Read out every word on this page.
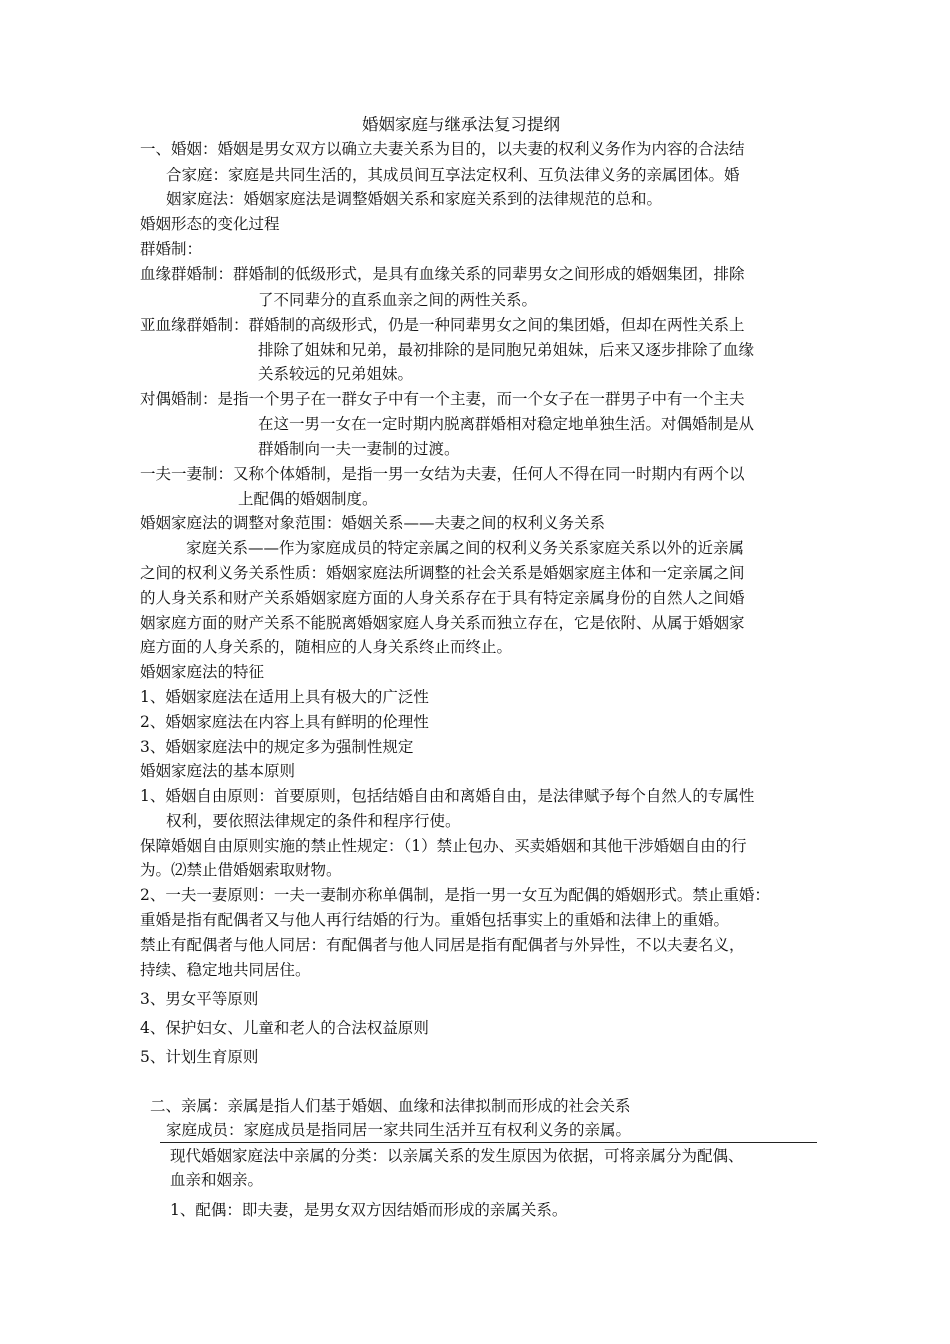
婚姻家庭与继承法复习提纲
一、婚姻：婚姻是男女双方以确立夫妻关系为目的，以夫妻的权利义务作为内容的合法结
合家庭：家庭是共同生活的，其成员间互享法定权利、互负法律义务的亲属团体。婚
姻家庭法：婚姻家庭法是调整婚姻关系和家庭关系到的法律规范的总和。
婚姻形态的变化过程
群婚制：
血缘群婚制：群婚制的低级形式，是具有血缘关系的同辈男女之间形成的婚姻集团，排除
了不同辈分的直系血亲之间的两性关系。
亚血缘群婚制：群婚制的高级形式，仍是一种同辈男女之间的集团婚，但却在两性关系上
排除了姐妹和兄弟，最初排除的是同胞兄弟姐妹，后来又逐步排除了血缘
关系较远的兄弟姐妹。
对偶婚制：是指一个男子在一群女子中有一个主妻，而一个女子在一群男子中有一个主夫
在这一男一女在一定时期内脱离群婚相对稳定地单独生活。对偶婚制是从
群婚制向一夫一妻制的过渡。
一夫一妻制：又称个体婚制，是指一男一女结为夫妻，任何人不得在同一时期内有两个以
上配偶的婚姻制度。
婚姻家庭法的调整对象范围：婚姻关系——夫妻之间的权利义务关系
家庭关系——作为家庭成员的特定亲属之间的权利义务关系家庭关系以外的近亲属
之间的权利义务关系性质：婚姻家庭法所调整的社会关系是婚姻家庭主体和一定亲属之间
的人身关系和财产关系婚姻家庭方面的人身关系存在于具有特定亲属身份的自然人之间婚
姻家庭方面的财产关系不能脱离婚姻家庭人身关系而独立存在，它是依附、从属于婚姻家
庭方面的人身关系的，随相应的人身关系终止而终止。
婚姻家庭法的特征
1、婚姻家庭法在适用上具有极大的广泛性
2、婚姻家庭法在内容上具有鲜明的伦理性
3、婚姻家庭法中的规定多为强制性规定
婚姻家庭法的基本原则
1、婚姻自由原则：首要原则，包括结婚自由和离婚自由，是法律赋予每个自然人的专属性
权利，要依照法律规定的条件和程序行使。
保障婚姻自由原则实施的禁止性规定：（1）禁止包办、买卖婚姻和其他干涉婚姻自由的行
为。⑵禁止借婚姻索取财物。
2、一夫一妻原则：一夫一妻制亦称单偶制，是指一男一女互为配偶的婚姻形式。禁止重婚：
重婚是指有配偶者又与他人再行结婚的行为。重婚包括事实上的重婚和法律上的重婚。
禁止有配偶者与他人同居：有配偶者与他人同居是指有配偶者与外异性，不以夫妻名义，
持续、稳定地共同居住。
3、男女平等原则
4、保护妇女、儿童和老人的合法权益原则
5、计划生育原则
二、亲属：亲属是指人们基于婚姻、血缘和法律拟制而形成的社会关系
家庭成员：家庭成员是指同居一家共同生活并互有权利义务的亲属。
现代婚姻家庭法中亲属的分类：以亲属关系的发生原因为依据，可将亲属分为配偶、
血亲和姻亲。
1、配偶：即夫妻，是男女双方因结婚而形成的亲属关系。
